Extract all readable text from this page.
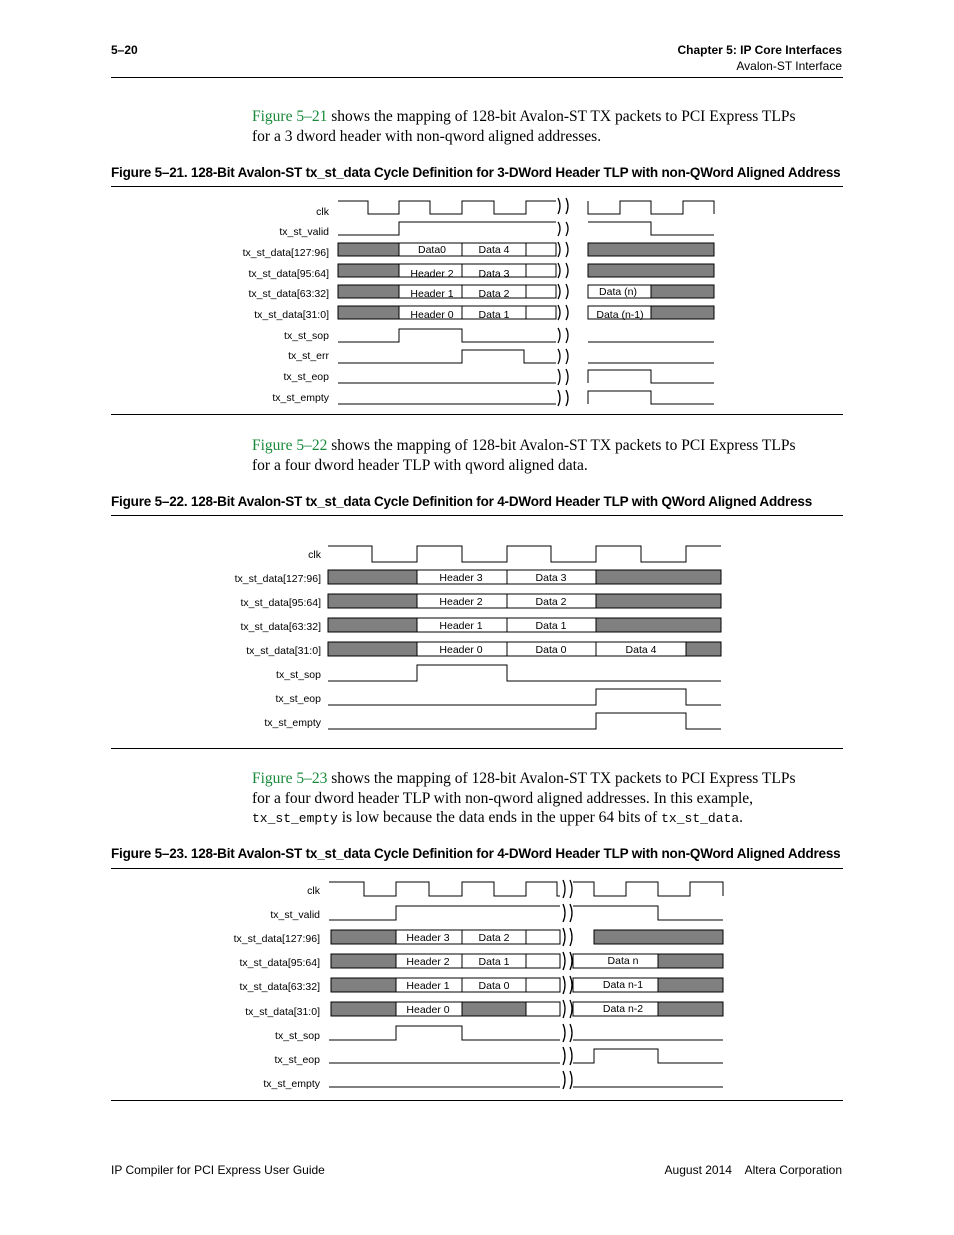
5–20	Chapter 5: IP Core Interfaces
Avalon-ST Interface
Figure 5–21 shows the mapping of 128-bit Avalon-ST TX packets to PCI Express TLPs
for a 3 dword header with non-qword aligned addresses.
Figure 5–21. 128-Bit Avalon-ST tx_st_data Cycle Definition for 3-DWord Header TLP with non-QWord Aligned Address
clk
tx_st_valid
tx_st_data[127:96]
tx_st_data[95:64]
tx_st_data[63:32]
tx_st_data[31:0]
tx_st_sop
tx_st_err
tx_st_eop
tx_st_empty
Data0	Data 4
Header 2 Data 3
Header 1 Data 2	Data (n)
Header 0 Data 1	Data (n-1)
Figure 5–22 shows the mapping of 128-bit Avalon-ST TX packets to PCI Express TLPs
for a four dword header TLP with qword aligned data.
Figure 5–22. 128-Bit Avalon-ST tx_st_data Cycle Definition for 4-DWord Header TLP with QWord Aligned Address
clk
tx_st_data[127:96]
tx_st_data[95:64]
tx_st_data[63:32]
tx_st_data[31:0]
tx_st_sop
tx_st_eop
tx_st_empty
Header 3	Data 3
Header 2	Data 2
Header 1	Data 1
Header 0	Data 0	Data 4
Figure 5–23 shows the mapping of 128-bit Avalon-ST TX packets to PCI Express TLPs
for a four dword header TLP with non-qword aligned addresses. In this example,
tx_st_empty is low because the data ends in the upper 64 bits of tx_st_data.
Figure 5–23. 128-Bit Avalon-ST tx_st_data Cycle Definition for 4-DWord Header TLP with non-QWord Aligned Address
clk
tx_st_valid
tx_st_data[127:96]
tx_st_data[95:64]
tx_st_data[63:32]
tx_st_data[31:0]
tx_st_sop
tx_st_eop
tx_st_empty
Header 3	Data 2
Header 2	Data 1	Data n
Header 1	Data 0	Data n-1
Header 0	Data n-2
IP Compiler for PCI Express User Guide	August 2014    Altera Corporation
